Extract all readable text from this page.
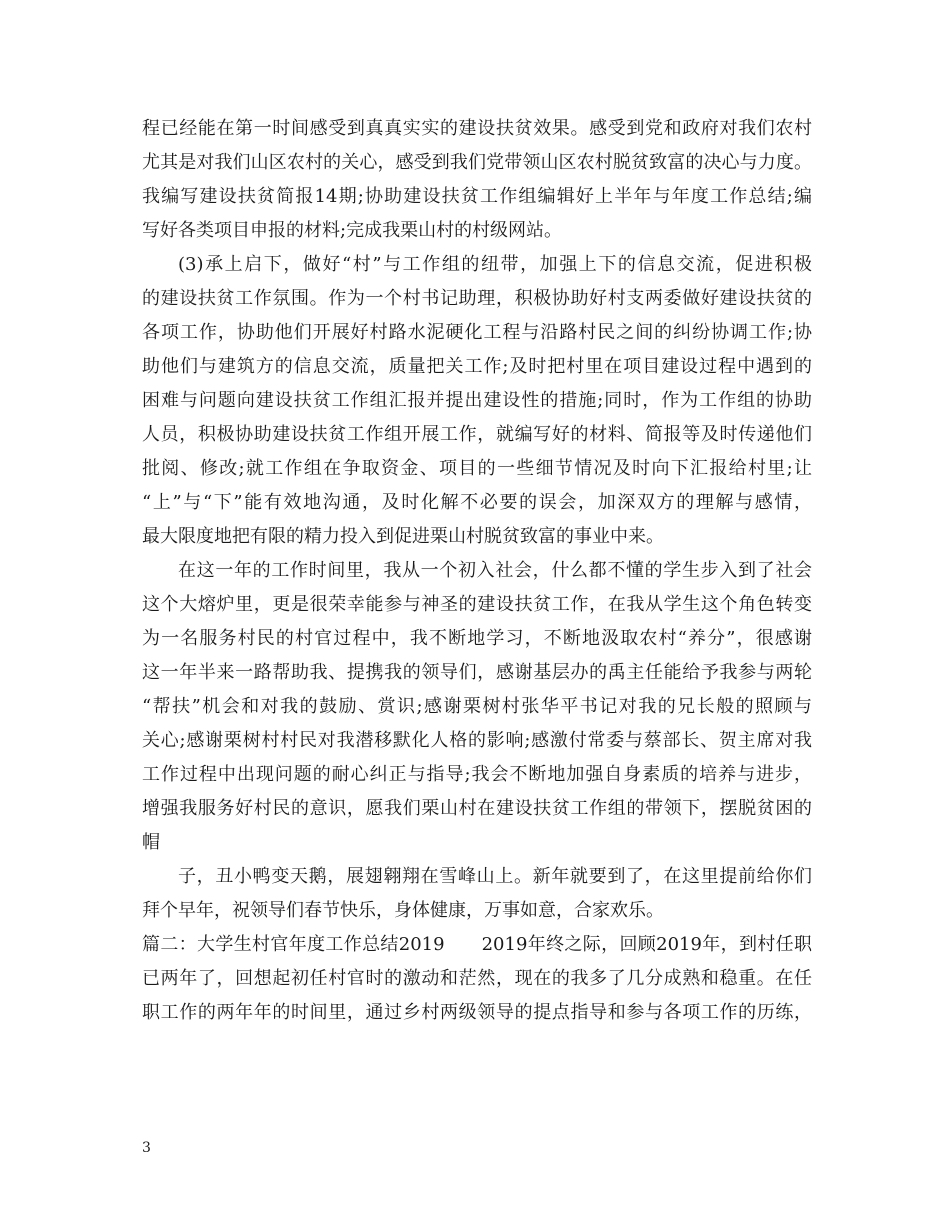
程已经能在第一时间感受到真真实实的建设扶贫效果。感受到党和政府对我们农村
尤其是对我们山区农村的关心，感受到我们党带领山区农村脱贫致富的决心与力度。
我编写建设扶贫简报14期;协助建设扶贫工作组编辑好上半年与年度工作总结;编
写好各类项目申报的材料;完成我栗山村的村级网站。
(3)承上启下，做好“村”与工作组的纽带，加强上下的信息交流，促进积极
的建设扶贫工作氛围。作为一个村书记助理，积极协助好村支两委做好建设扶贫的
各项工作，协助他们开展好村路水泥硬化工程与沿路村民之间的纠纷协调工作;协
助他们与建筑方的信息交流，质量把关工作;及时把村里在项目建设过程中遇到的
困难与问题向建设扶贫工作组汇报并提出建设性的措施;同时，作为工作组的协助
人员，积极协助建设扶贫工作组开展工作，就编写好的材料、简报等及时传递他们
批阅、修改;就工作组在争取资金、项目的一些细节情况及时向下汇报给村里;让
“上”与“下”能有效地沟通，及时化解不必要的误会，加深双方的理解与感情，
最大限度地把有限的精力投入到促进栗山村脱贫致富的事业中来。
在这一年的工作时间里，我从一个初入社会，什么都不懂的学生步入到了社会
这个大熔炉里，更是很荣幸能参与神圣的建设扶贫工作，在我从学生这个角色转变
为一名服务村民的村官过程中，我不断地学习，不断地汲取农村“养分”，很感谢
这一年半来一路帮助我、提携我的领导们，感谢基层办的禹主任能给予我参与两轮
“帮扶”机会和对我的鼓励、赏识;感谢栗树村张华平书记对我的兄长般的照顾与
关心;感谢栗树村村民对我潜移默化人格的影响;感激付常委与蔡部长、贺主席对我
工作过程中出现问题的耐心纠正与指导;我会不断地加强自身素质的培养与进步，
增强我服务好村民的意识，愿我们栗山村在建设扶贫工作组的带领下，摆脱贫困的
帽
子，丑小鸭变天鹅，展翅翱翔在雪峰山上。新年就要到了，在这里提前给你们
拜个早年，祝领导们春节快乐，身体健康，万事如意，合家欢乐。
篇二：大学生村官年度工作总结2019　　2019年终之际，回顾2019年，到村任职
已两年了，回想起初任村官时的激动和茫然，现在的我多了几分成熟和稳重。在任
职工作的两年年的时间里，通过乡村两级领导的提点指导和参与各项工作的历练，
3
